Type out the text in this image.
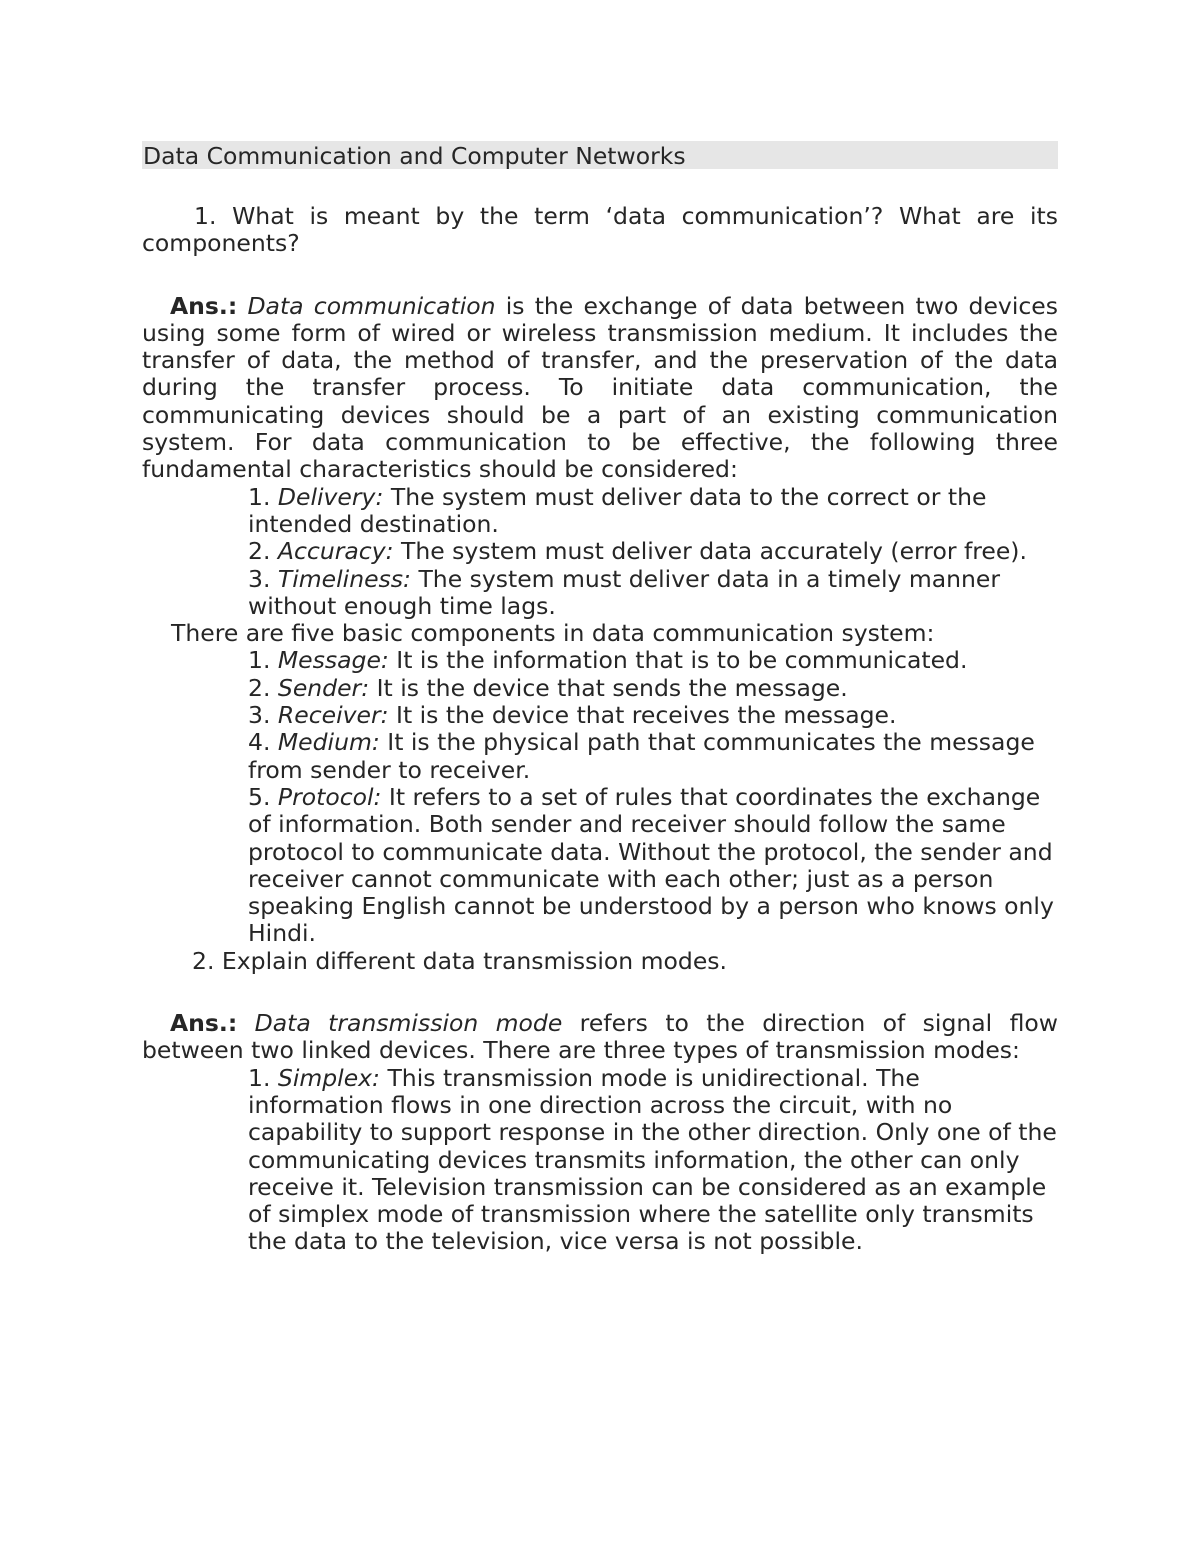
Data Communication and Computer Networks

1. What is meant by the term ‘data communication’? What are its components?

Ans.: Data communication is the exchange of data between two devices using some form of wired or wireless transmission medium. It includes the transfer of data, the method of transfer, and the preservation of the data during the transfer process. To initiate data communication, the communicating devices should be a part of an existing communication system. For data communication to be effective, the following three fundamental characteristics should be considered:

1. Delivery: The system must deliver data to the correct or the intended destination.
2. Accuracy: The system must deliver data accurately (error free).
3. Timeliness: The system must deliver data in a timely manner without enough time lags.

There are five basic components in data communication system:

1. Message: It is the information that is to be communicated.
2. Sender: It is the device that sends the message.
3. Receiver: It is the device that receives the message.
4. Medium: It is the physical path that communicates the message from sender to receiver.
5. Protocol: It refers to a set of rules that coordinates the exchange of information. Both sender and receiver should follow the same protocol to communicate data. Without the protocol, the sender and receiver cannot communicate with each other; just as a person speaking English cannot be understood by a person who knows only Hindi.

2. Explain different data transmission modes.

Ans.: Data transmission mode refers to the direction of signal flow between two linked devices. There are three types of transmission modes:

1. Simplex: This transmission mode is unidirectional. The information flows in one direction across the circuit, with no capability to support response in the other direction. Only one of the communicating devices transmits information, the other can only receive it. Television transmission can be considered as an example of simplex mode of transmission where the satellite only transmits the data to the television, vice versa is not possible.
